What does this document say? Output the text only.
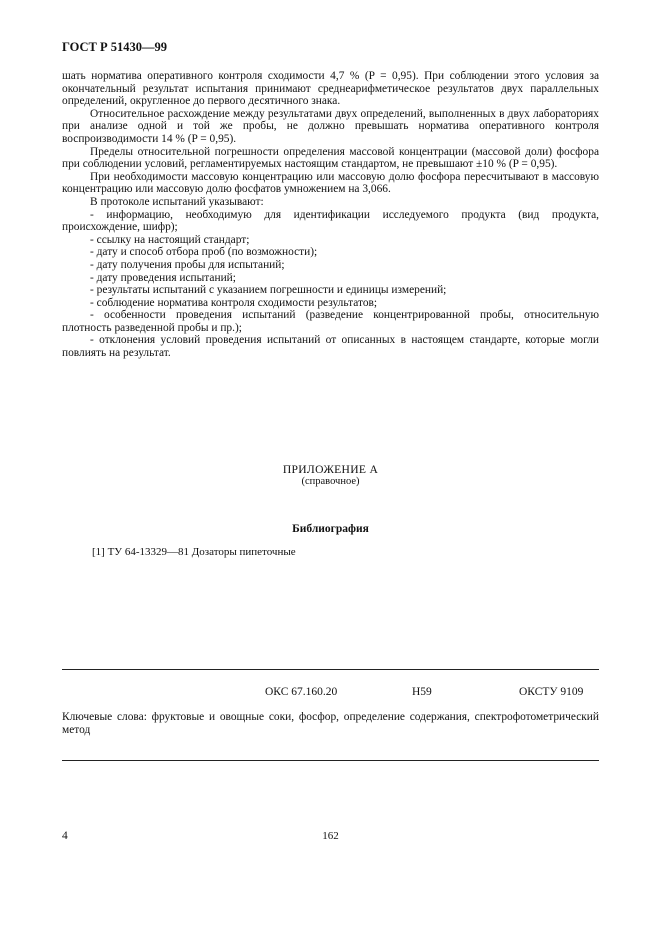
ГОСТ Р 51430—99

шать норматива оперативного контроля сходимости 4,7 % (P = 0,95). При соблюдении этого условия за окончательный результат испытания принимают среднеарифметическое результатов двух параллельных определений, округленное до первого десятичного знака.

Относительное расхождение между результатами двух определений, выполненных в двух лабораториях при анализе одной и той же пробы, не должно превышать норматива оперативного контроля воспроизводимости 14 % (P = 0,95).

Пределы относительной погрешности определения массовой концентрации (массовой доли) фосфора при соблюдении условий, регламентируемых настоящим стандартом, не превышают ±10 % (P = 0,95).

При необходимости массовую концентрацию или массовую долю фосфора пересчитывают в массовую концентрацию или массовую долю фосфатов умножением на 3,066.

В протоколе испытаний указывают:

- информацию, необходимую для идентификации исследуемого продукта (вид продукта, происхождение, шифр);

- ссылку на настоящий стандарт;

- дату и способ отбора проб (по возможности);

- дату получения пробы для испытаний;

- дату проведения испытаний;

- результаты испытаний с указанием погрешности и единицы измерений;

- соблюдение норматива контроля сходимости результатов;

- особенности проведения испытаний (разведение концентрированной пробы, относительную плотность разведенной пробы и пр.);

- отклонения условий проведения испытаний от описанных в настоящем стандарте, которые могли повлиять на результат.

ПРИЛОЖЕНИЕ А
(справочное)
Библиография
[1] ТУ 64-13329—81 Дозаторы пипеточные
ОКС 67.160.20	Н59	ОКСТУ 9109
Ключевые слова: фруктовые и овощные соки, фосфор, определение содержания, спектрофотометрический метод
4	162
